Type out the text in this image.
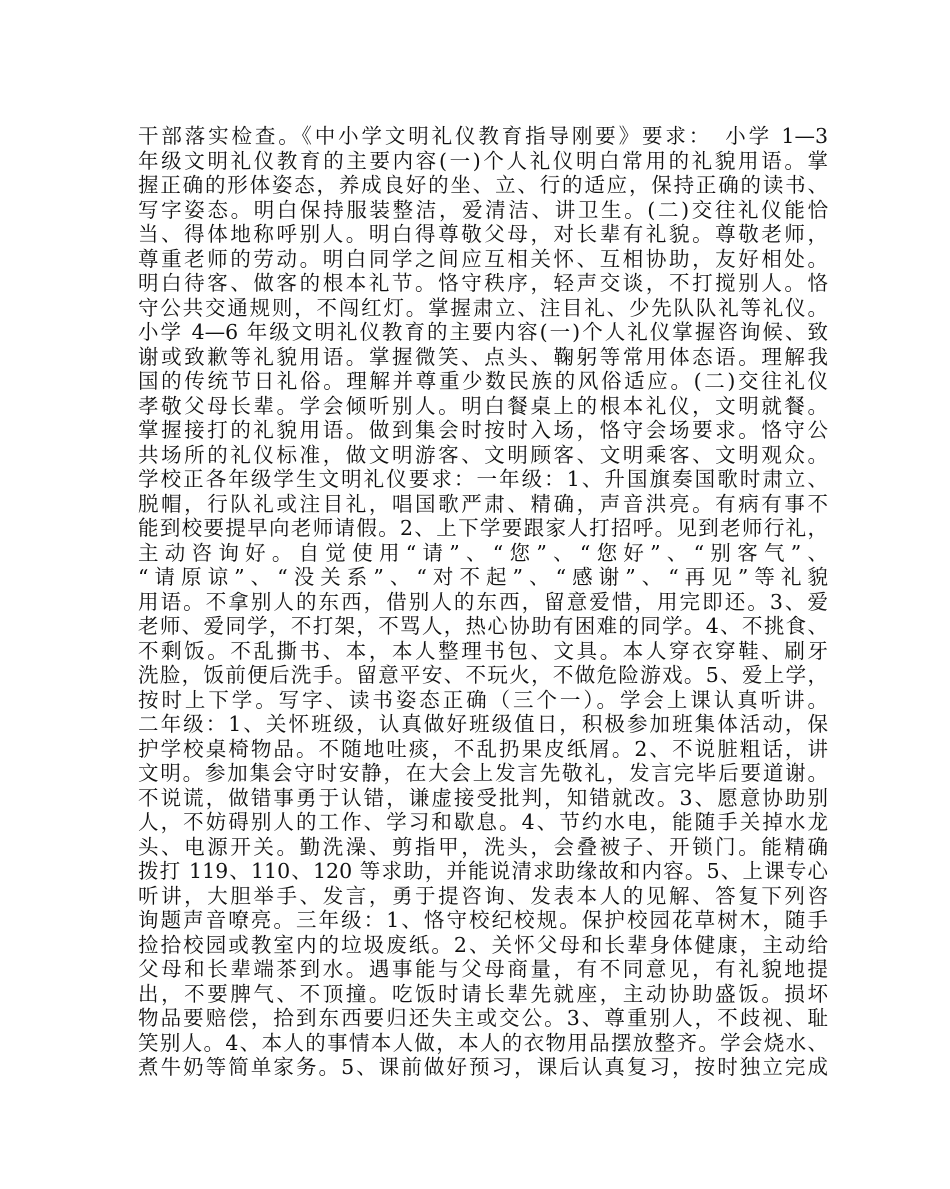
干部落实检查。《中小学文明礼仪教育指导刚要》要求：　小学 1—3
年级文明礼仪教育的主要内容(一)个人礼仪明白常用的礼貌用语。掌
握正确的形体姿态，养成良好的坐、立、行的适应，保持正确的读书、
写字姿态。明白保持服装整洁，爱清洁、讲卫生。(二)交往礼仪能恰
当、得体地称呼别人。明白得尊敬父母，对长辈有礼貌。尊敬老师，
尊重老师的劳动。明白同学之间应互相关怀、互相协助，友好相处。
明白待客、做客的根本礼节。恪守秩序，轻声交谈，不打搅别人。恪
守公共交通规则，不闯红灯。掌握肃立、注目礼、少先队队礼等礼仪。
小学 4—6 年级文明礼仪教育的主要内容(一)个人礼仪掌握咨询候、致
谢或致歉等礼貌用语。掌握微笑、点头、鞠躬等常用体态语。理解我
国的传统节日礼俗。理解并尊重少数民族的风俗适应。(二)交往礼仪
孝敬父母长辈。学会倾听别人。明白餐桌上的根本礼仪，文明就餐。
掌握接打的礼貌用语。做到集会时按时入场，恪守会场要求。恪守公
共场所的礼仪标准，做文明游客、文明顾客、文明乘客、文明观众。
学校正各年级学生文明礼仪要求：一年级：1、升国旗奏国歌时肃立、
脱帽，行队礼或注目礼，唱国歌严肃、精确，声音洪亮。有病有事不
能到校要提早向老师请假。2、上下学要跟家人打招呼。见到老师行礼，
主动咨询好。自觉使用“请”、“您”、“您好”、“别客气”、
“请原谅”、“没关系”、“对不起”、“感谢”、“再见”等礼貌
用语。不拿别人的东西，借别人的东西，留意爱惜，用完即还。3、爱
老师、爱同学，不打架，不骂人，热心协助有困难的同学。4、不挑食、
不剩饭。不乱撕书、本，本人整理书包、文具。本人穿衣穿鞋、刷牙
洗脸，饭前便后洗手。留意平安、不玩火，不做危险游戏。5、爱上学，
按时上下学。写字、读书姿态正确（三个一）。学会上课认真听讲。
二年级：1、关怀班级，认真做好班级值日，积极参加班集体活动，保
护学校桌椅物品。不随地吐痰，不乱扔果皮纸屑。2、不说脏粗话，讲
文明。参加集会守时安静，在大会上发言先敬礼，发言完毕后要道谢。
不说谎，做错事勇于认错，谦虚接受批判，知错就改。3、愿意协助别
人，不妨碍别人的工作、学习和歇息。4、节约水电，能随手关掉水龙
头、电源开关。勤洗澡、剪指甲，洗头，会叠被子、开锁门。能精确
拨打 119、110、120 等求助，并能说清求助缘故和内容。5、上课专心
听讲，大胆举手、发言，勇于提咨询、发表本人的见解、答复下列咨
询题声音嘹亮。三年级：1、恪守校纪校规。保护校园花草树木，随手
捡拾校园或教室内的垃圾废纸。2、关怀父母和长辈身体健康，主动给
父母和长辈端茶到水。遇事能与父母商量，有不同意见，有礼貌地提
出，不要脾气、不顶撞。吃饭时请长辈先就座，主动协助盛饭。损坏
物品要赔偿，拾到东西要归还失主或交公。3、尊重别人，不歧视、耻
笑别人。4、本人的事情本人做，本人的衣物用品摆放整齐。学会烧水、
煮牛奶等简单家务。5、课前做好预习，课后认真复习，按时独立完成
